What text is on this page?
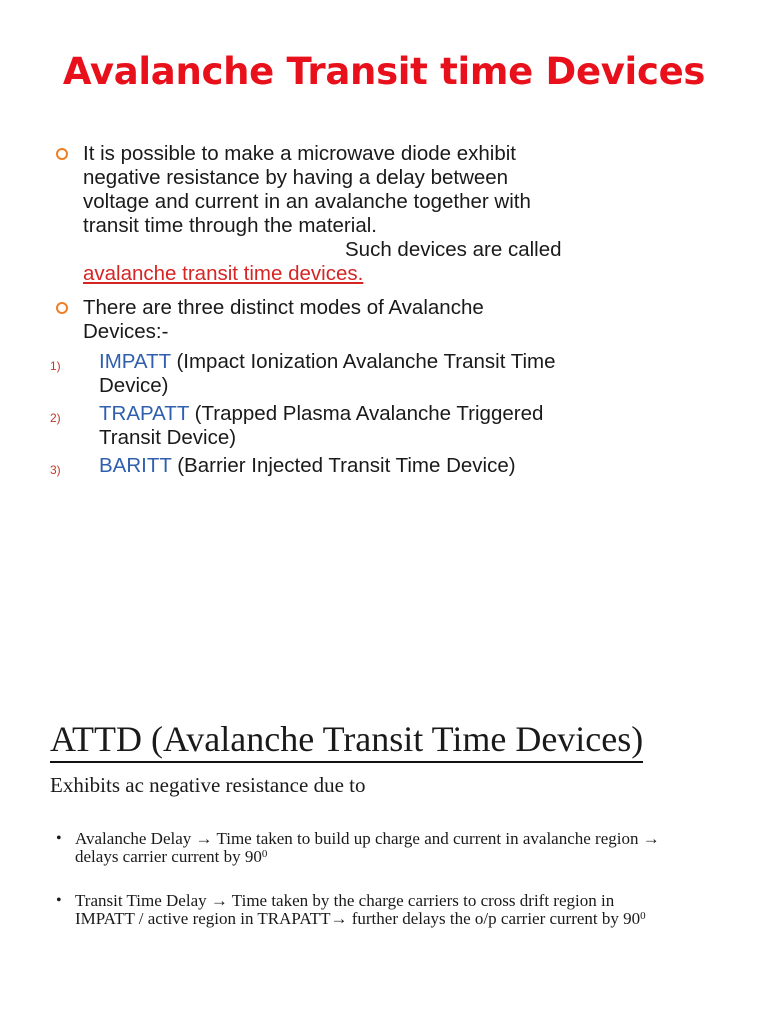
Avalanche Transit time Devices
It is possible to make a microwave diode exhibit
negative resistance by having a delay between
voltage and current in an avalanche together with
transit time through the material.
Such devices are called
avalanche transit time devices.
There are three distinct modes of Avalanche
Devices:-
1) IMPATT (Impact Ionization Avalanche Transit Time
Device)
2) TRAPATT (Trapped Plasma Avalanche Triggered
Transit Device)
3) BARITT (Barrier Injected Transit Time Device)
ATTD (Avalanche Transit Time Devices)
Exhibits ac negative resistance due to
• Avalanche Delay → Time taken to build up charge and current in avalanche region →
delays carrier current by $90^0$
• Transit Time Delay → Time taken by the charge carriers to cross drift region in
IMPATT / active region in TRAPATT→ further delays the o/p carrier current by $90^0$
